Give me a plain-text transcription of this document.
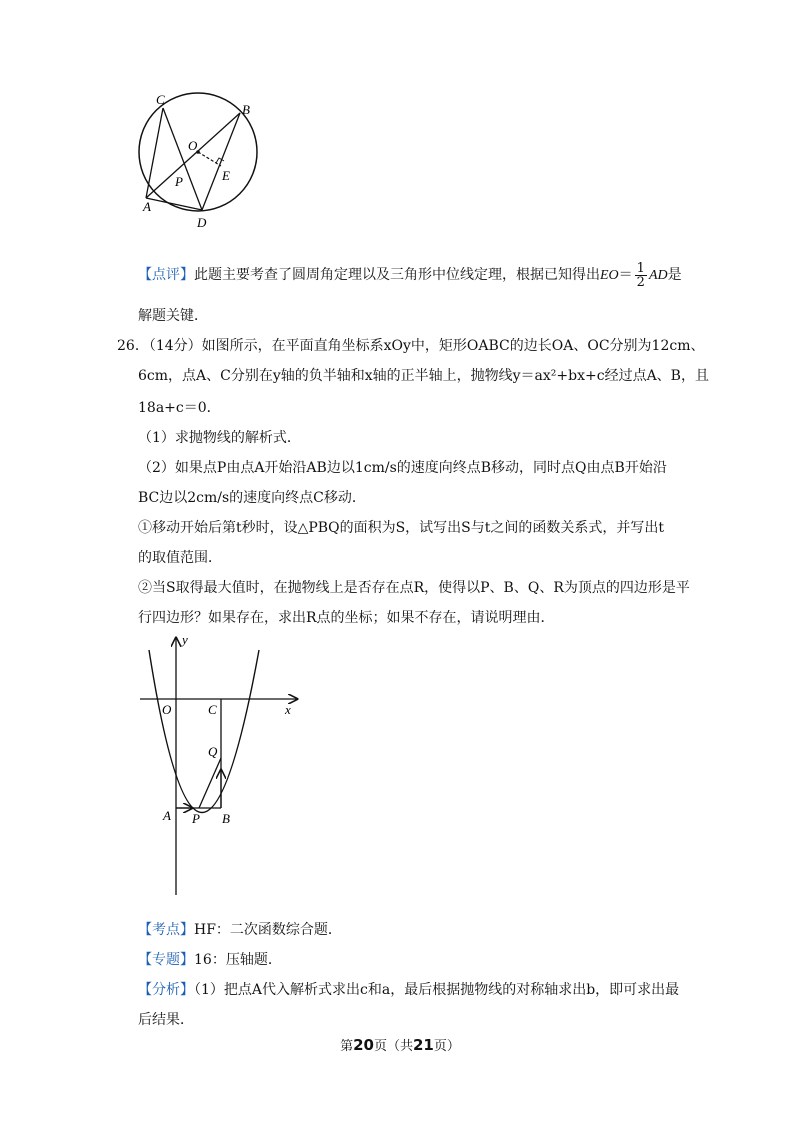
C
B
O
P	E
A
D
【点评】此题主要考查了圆周角定理以及三角形中位线定理，根据已知得出$EO= \frac{1}{2}$ AD是
解题关键．
26．（14分）如图所示，在平面直角坐标系xOy中，矩形OABC的边长OA、OC分别为12cm、
6cm，点A、C分别在y轴的负半轴和x轴的正半轴上，抛物线y＝ax²+bx+c经过点A、B，且
18a+c＝0．
（1）求抛物线的解析式．
（2）如果点P由点A开始沿AB边以1cm/s的速度向终点B移动，同时点Q由点B开始沿
BC边以2cm/s的速度向终点C移动．
①移动开始后第t秒时，设△PBQ的面积为S，试写出S与t之间的函数关系式，并写出t
的取值范围．
②当S取得最大值时，在抛物线上是否存在点R，使得以P、B、Q、R为顶点的四边形是平
行四边形？如果存在，求出R点的坐标；如果不存在，请说明理由．
y
x
O	C
Q
A P B
【考点】HF：二次函数综合题．
【专题】16：压轴题．
【分析】（1）把点A代入解析式求出c和a，最后根据抛物线的对称轴求出b，即可求出最
后结果．
第20页（共21页）
